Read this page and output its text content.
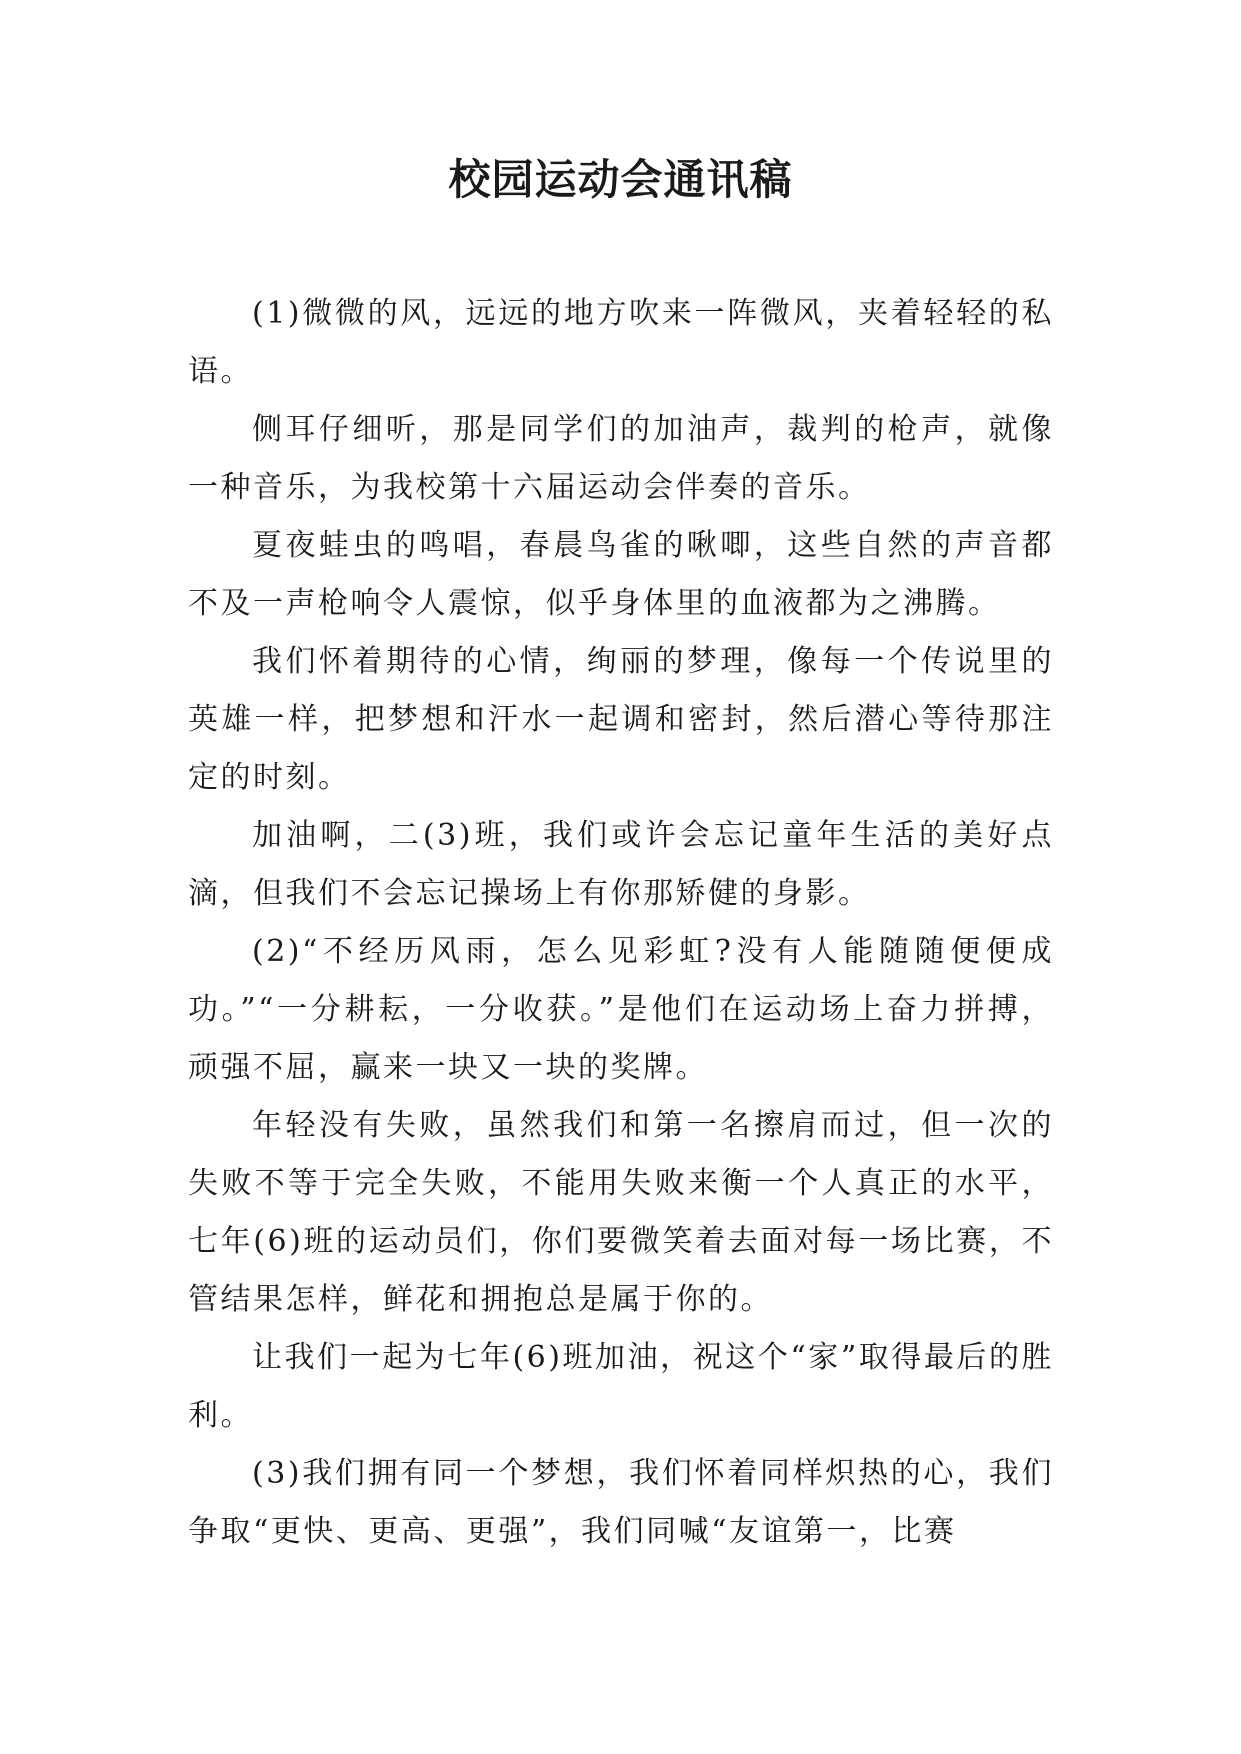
校园运动会通讯稿

(1)微微的风，远远的地方吹来一阵微风，夹着轻轻的私语。

侧耳仔细听，那是同学们的加油声，裁判的枪声，就像一种音乐，为我校第十六届运动会伴奏的音乐。

夏夜蛙虫的鸣唱，春晨鸟雀的啾唧，这些自然的声音都不及一声枪响令人震惊，似乎身体里的血液都为之沸腾。

我们怀着期待的心情，绚丽的梦理，像每一个传说里的英雄一样，把梦想和汗水一起调和密封，然后潜心等待那注定的时刻。

加油啊，二(3)班，我们或许会忘记童年生活的美好点滴，但我们不会忘记操场上有你那矫健的身影。

(2)“不经历风雨，怎么见彩虹?没有人能随随便便成功。”“一分耕耘，一分收获。”是他们在运动场上奋力拼搏，顽强不屈，赢来一块又一块的奖牌。

年轻没有失败，虽然我们和第一名擦肩而过，但一次的失败不等于完全失败，不能用失败来衡一个人真正的水平，七年(6)班的运动员们，你们要微笑着去面对每一场比赛，不管结果怎样，鲜花和拥抱总是属于你的。

让我们一起为七年(6)班加油，祝这个“家”取得最后的胜利。

(3)我们拥有同一个梦想，我们怀着同样炽热的心，我们争取“更快、更高、更强”，我们同喊“友谊第一，比赛
